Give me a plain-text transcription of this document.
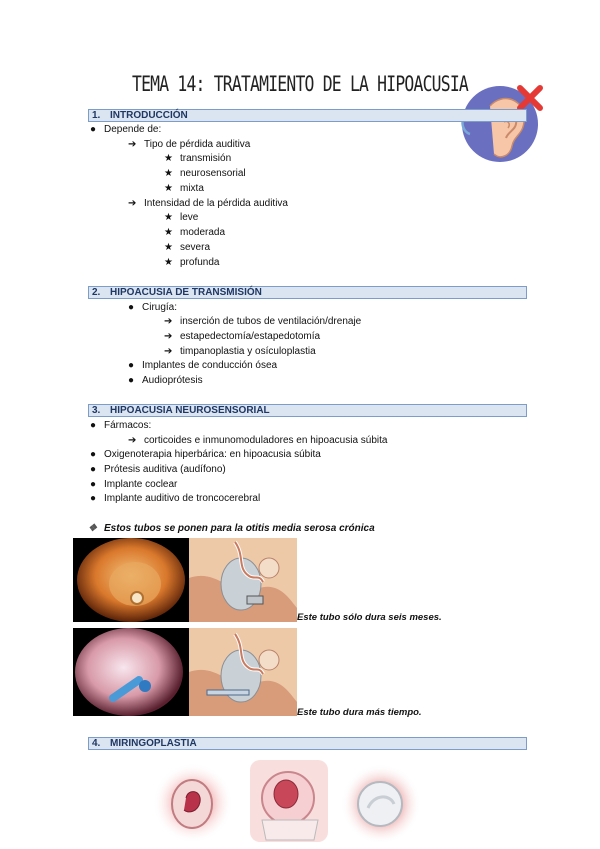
TEMA 14: TRATAMIENTO DE LA HIPOACUSIA
1. INTRODUCCIÓN
● Depende de:
➔ Tipo de pérdida auditiva
★ transmisión
★ neurosensorial
★ mixta
➔ Intensidad de la pérdida auditiva
★ leve
★ moderada
★ severa
★ profunda
2. HIPOACUSIA DE TRANSMISIÓN
● Cirugía:
➔ inserción de tubos de ventilación/drenaje
➔ estapedectomía/estapedotomía
➔ timpanoplastia y osículoplastia
● Implantes de conducción ósea
● Audioprótesis
3. HIPOACUSIA NEUROSENSORIAL
● Fármacos:
➔ corticoides e inmunomoduladores en hipoacusia súbita
● Oxigenoterapia hiperbárica: en hipoacusia súbita
● Prótesis auditiva (audífono)
● Implante coclear
● Implante auditivo de troncocerebral
❖ Estos tubos se ponen para la otitis media serosa crónica
Este tubo sólo dura seis meses.
Este tubo dura más tiempo.
4. MIRINGOPLASTIA
